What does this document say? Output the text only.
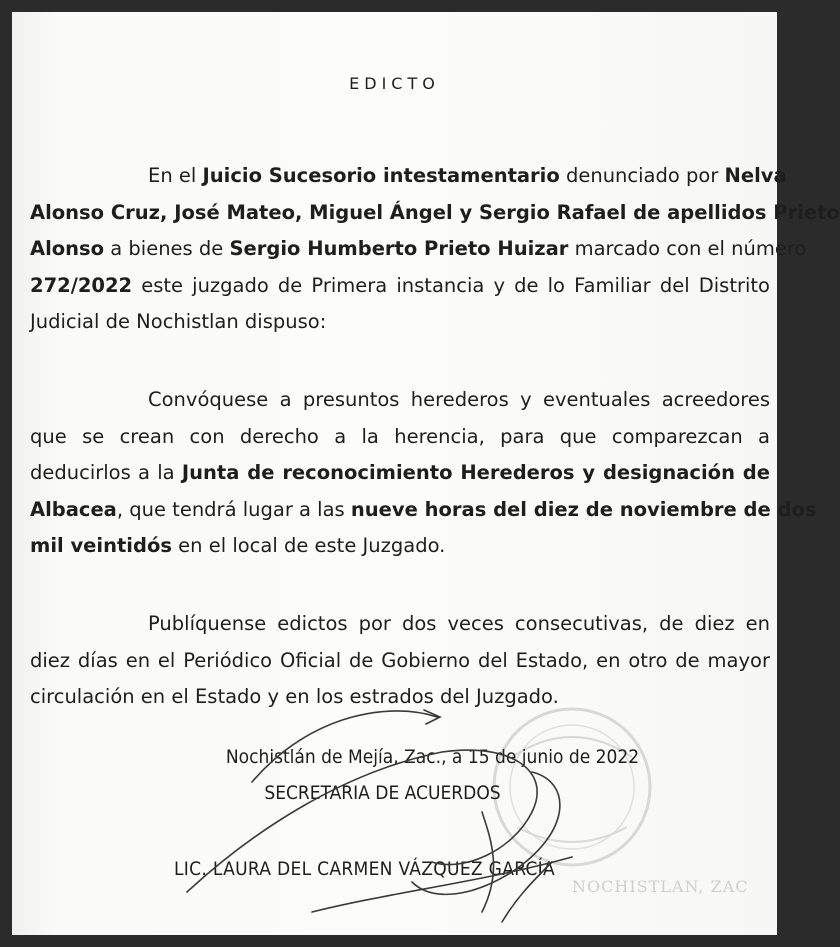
EDICTO
En el Juicio Sucesorio intestamentario denunciado por Nelva
Alonso Cruz, José Mateo, Miguel Ángel y Sergio Rafael de apellidos Prieto
Alonso a bienes de Sergio Humberto Prieto Huizar marcado con el número
272/2022 este juzgado de Primera instancia y de lo Familiar del Distrito
Judicial de Nochistlan dispuso:
Convóquese a presuntos herederos y eventuales acreedores
que se crean con derecho a la herencia, para que comparezcan a
deducirlos a la Junta de reconocimiento Herederos y designación de
Albacea, que tendrá lugar a las nueve horas del diez de noviembre de dos
mil veintidós en el local de este Juzgado.
Publíquense edictos por dos veces consecutivas, de diez en
diez días en el Periódico Oficial de Gobierno del Estado, en otro de mayor
circulación en el Estado y en los estrados del Juzgado.
NOCHISTLAN, ZAC
Nochistlán de Mejía, Zac., a 15 de junio de 2022
SECRETARIA DE ACUERDOS
LIC. LAURA DEL CARMEN VÁZQUEZ GARCÍA
